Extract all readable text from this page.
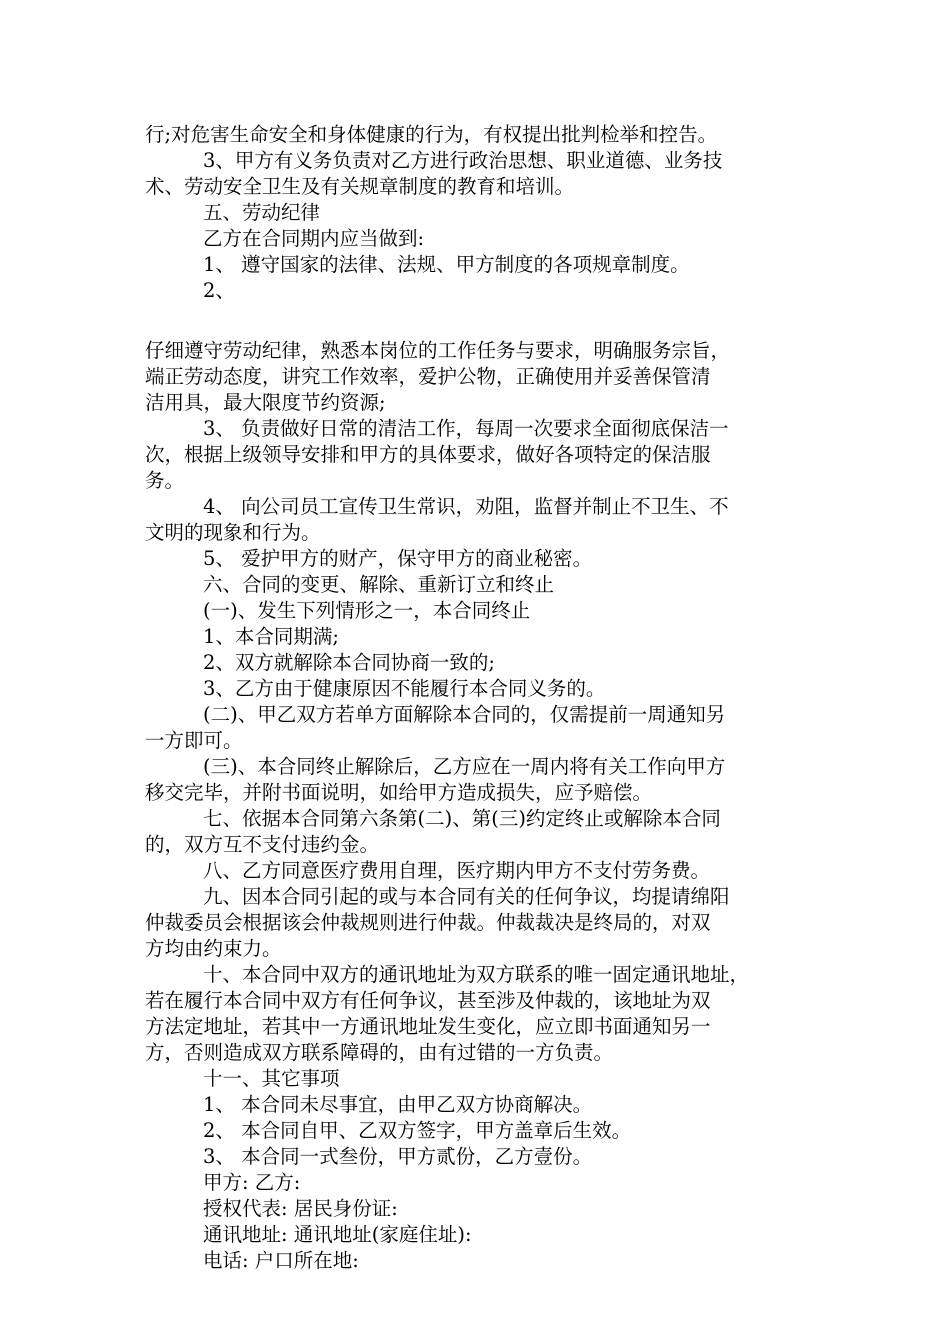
行;对危害生命安全和身体健康的行为，有权提出批判检举和控告。
3、甲方有义务负责对乙方进行政治思想、职业道德、业务技
术、劳动安全卫生及有关规章制度的教育和培训。
五、劳动纪律
乙方在合同期内应当做到:
1、 遵守国家的法律、法规、甲方制度的各项规章制度。
2、
仔细遵守劳动纪律，熟悉本岗位的工作任务与要求，明确服务宗旨，
端正劳动态度，讲究工作效率，爱护公物，正确使用并妥善保管清
洁用具，最大限度节约资源;
3、 负责做好日常的清洁工作，每周一次要求全面彻底保洁一
次，根据上级领导安排和甲方的具体要求，做好各项特定的保洁服
务。
4、 向公司员工宣传卫生常识，劝阻，监督并制止不卫生、不
文明的现象和行为。
5、 爱护甲方的财产，保守甲方的商业秘密。
六、合同的变更、解除、重新订立和终止
(一)、发生下列情形之一，本合同终止
1、本合同期满;
2、双方就解除本合同协商一致的;
3、乙方由于健康原因不能履行本合同义务的。
(二)、甲乙双方若单方面解除本合同的，仅需提前一周通知另
一方即可。
(三)、本合同终止解除后，乙方应在一周内将有关工作向甲方
移交完毕，并附书面说明，如给甲方造成损失，应予赔偿。
七、依据本合同第六条第(二)、第(三)约定终止或解除本合同
的，双方互不支付违约金。
八、乙方同意医疗费用自理，医疗期内甲方不支付劳务费。
九、因本合同引起的或与本合同有关的任何争议，均提请绵阳
仲裁委员会根据该会仲裁规则进行仲裁。仲裁裁决是终局的，对双
方均由约束力。
十、本合同中双方的通讯地址为双方联系的唯一固定通讯地址，
若在履行本合同中双方有任何争议，甚至涉及仲裁的，该地址为双
方法定地址，若其中一方通讯地址发生变化，应立即书面通知另一
方，否则造成双方联系障碍的，由有过错的一方负责。
十一、其它事项
1、 本合同未尽事宜，由甲乙双方协商解决。
2、 本合同自甲、乙双方签字，甲方盖章后生效。
3、 本合同一式叁份，甲方贰份，乙方壹份。
甲方: 乙方:
授权代表: 居民身份证:
通讯地址: 通讯地址(家庭住址):
电话: 户口所在地:
